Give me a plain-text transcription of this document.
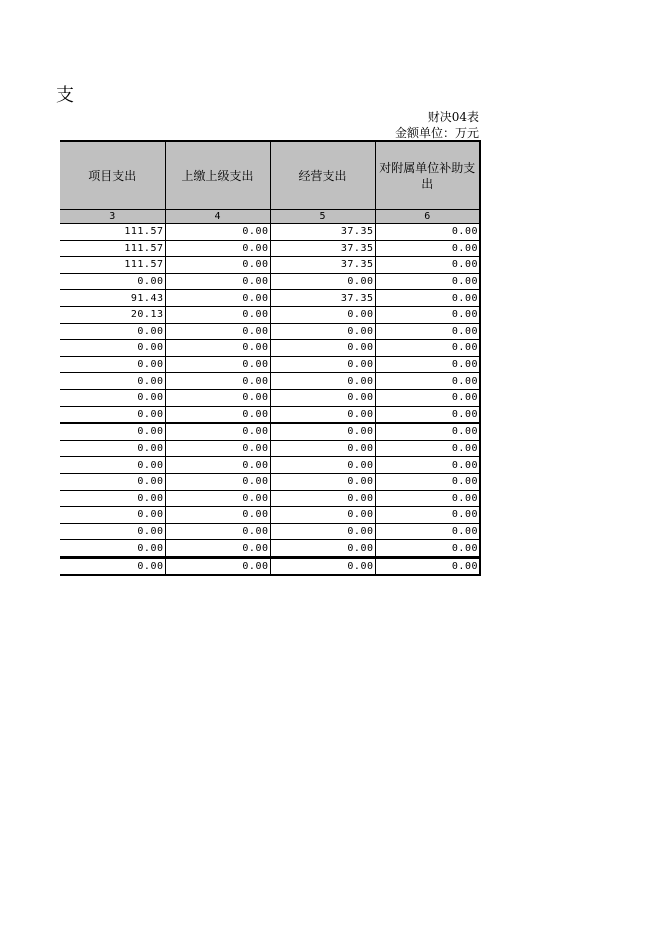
支
财决04表
金额单位：万元
项目支出	上缴上级支出	经营支出	对附属单位补助支出
3	4	5	6
111.57	0.00	37.35	0.00
111.57	0.00	37.35	0.00
111.57	0.00	37.35	0.00
0.00	0.00	0.00	0.00
91.43	0.00	37.35	0.00
20.13	0.00	0.00	0.00
0.00	0.00	0.00	0.00
0.00	0.00	0.00	0.00
0.00	0.00	0.00	0.00
0.00	0.00	0.00	0.00
0.00	0.00	0.00	0.00
0.00	0.00	0.00	0.00
0.00	0.00	0.00	0.00
0.00	0.00	0.00	0.00
0.00	0.00	0.00	0.00
0.00	0.00	0.00	0.00
0.00	0.00	0.00	0.00
0.00	0.00	0.00	0.00
0.00	0.00	0.00	0.00
0.00	0.00	0.00	0.00
0.00	0.00	0.00	0.00
